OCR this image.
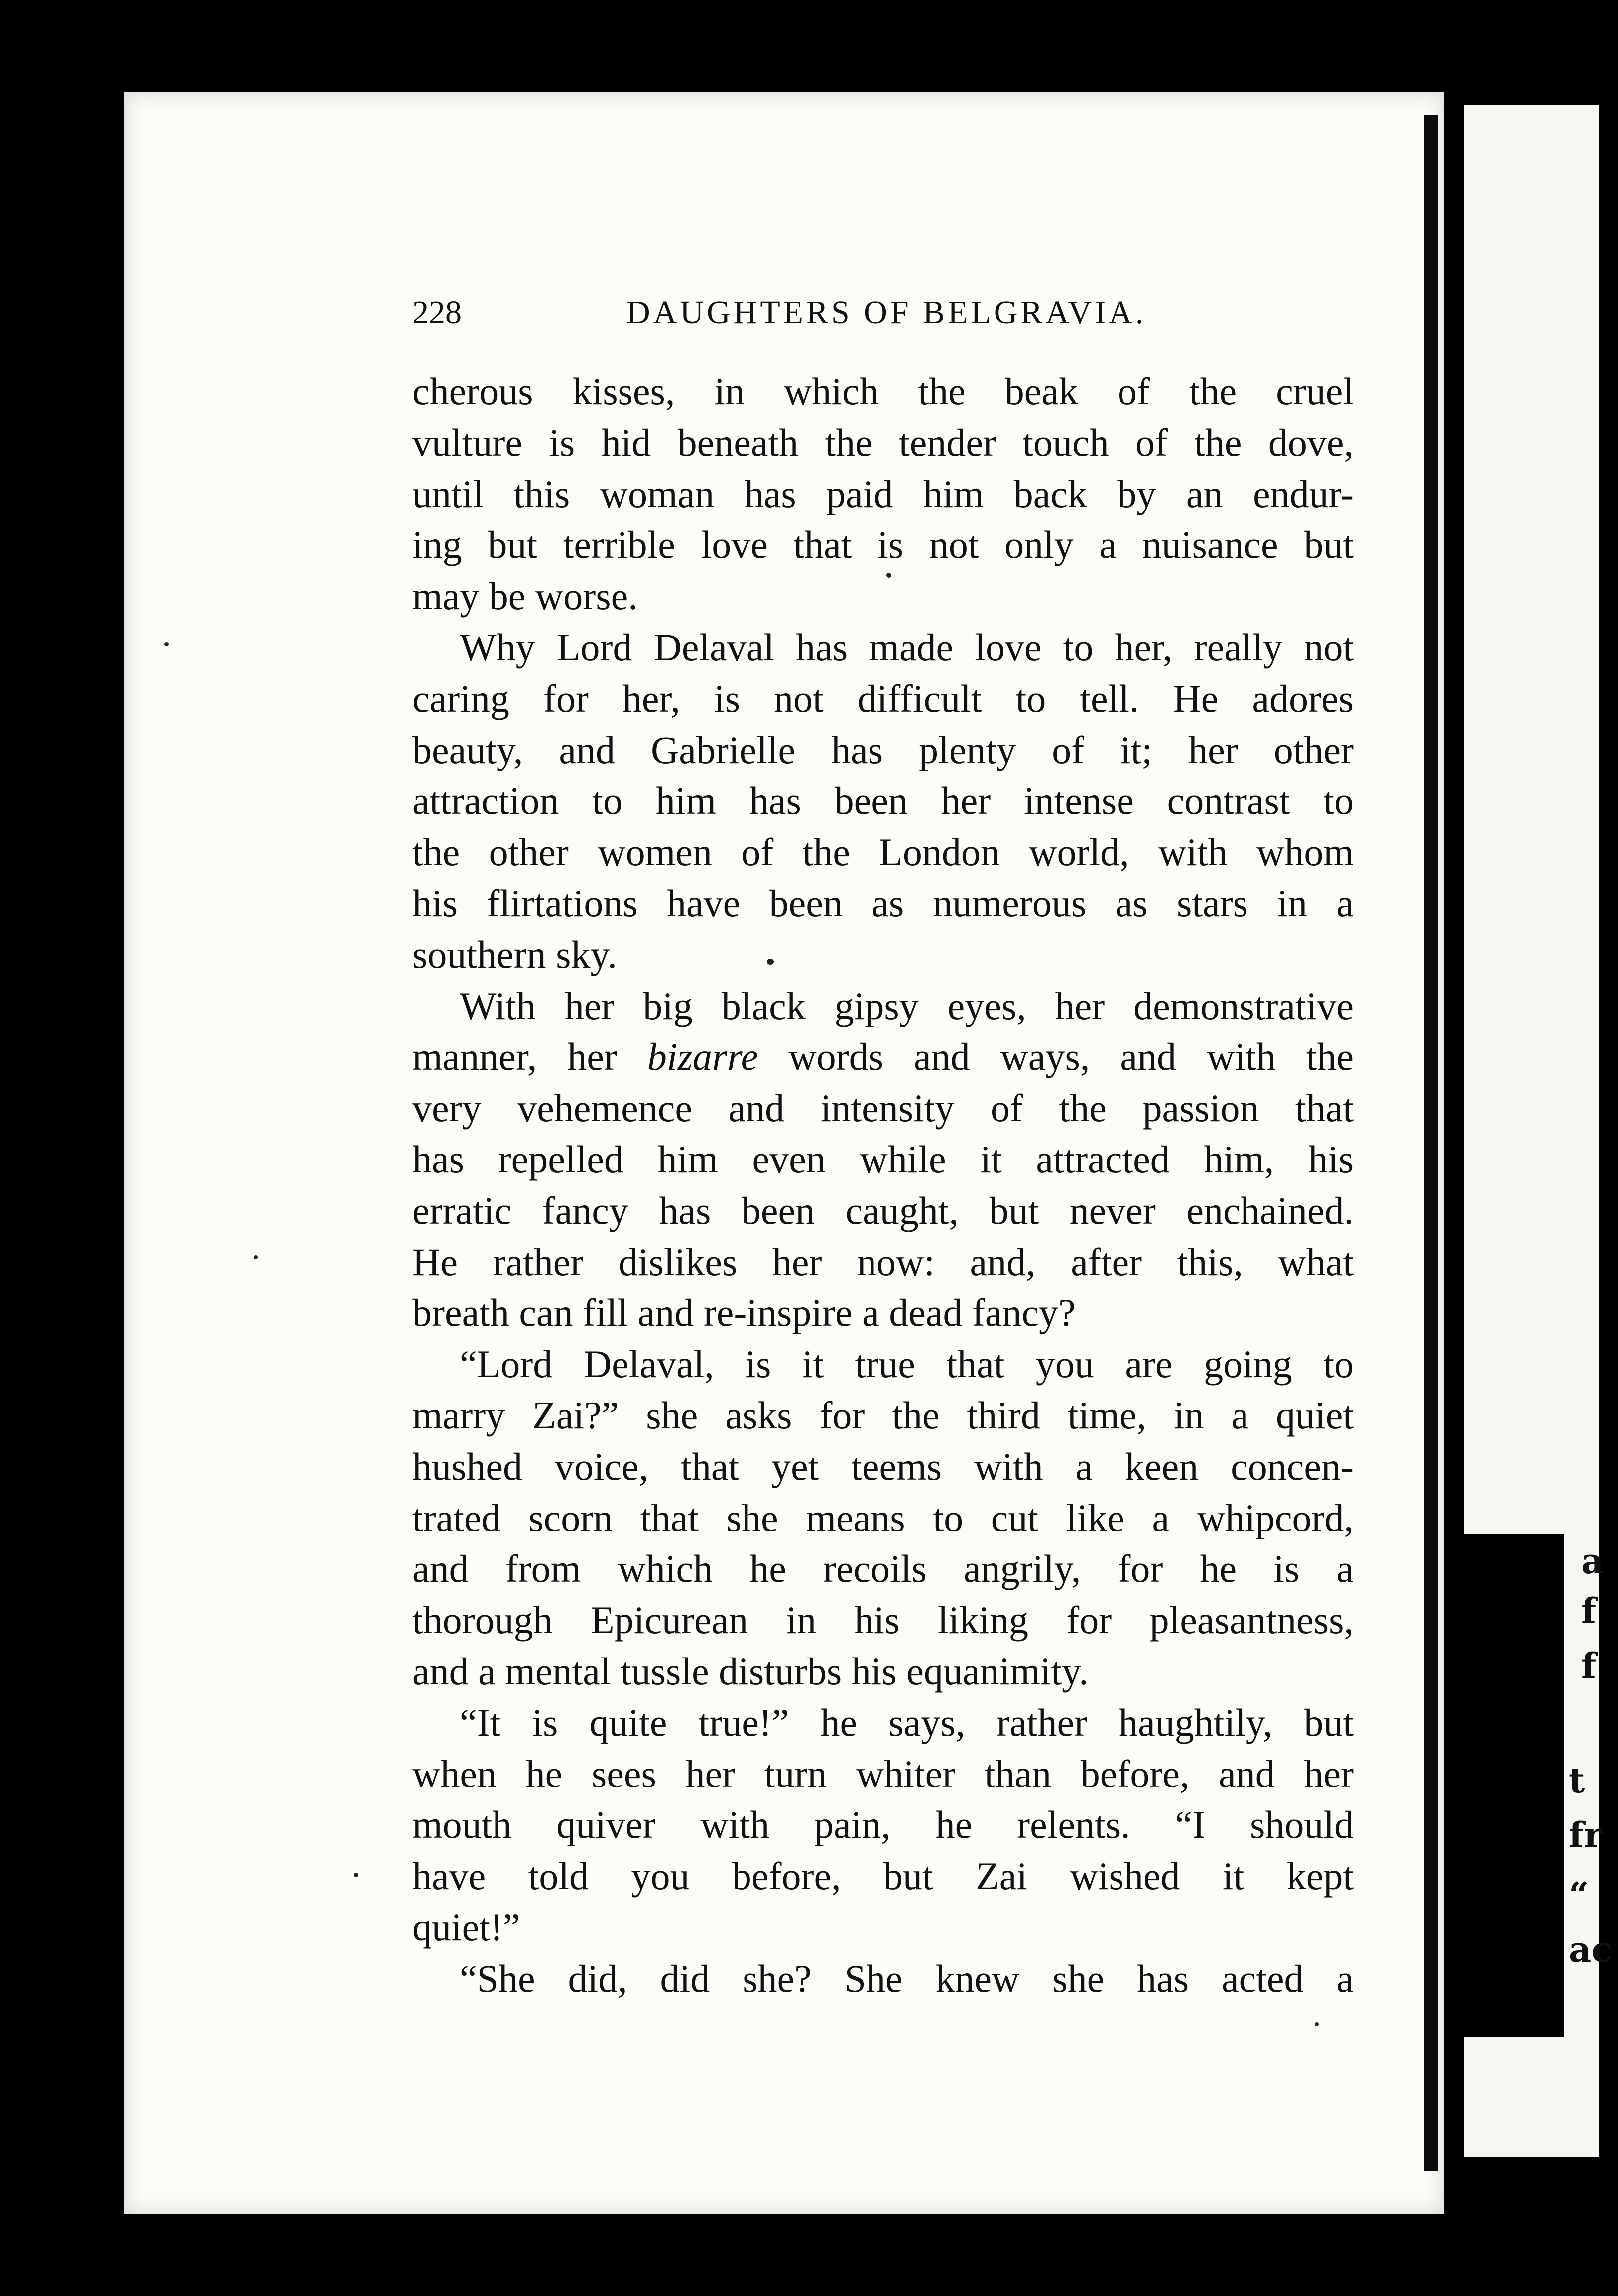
a
f
f
t
fr
“
ac
228	DAUGHTERS OF BELGRAVIA.
cherous kisses, in which the beak of the cruel
vulture is hid beneath the tender touch of the dove,
until this woman has paid him back by an endur-
ing but terrible love that is not only a nuisance but
may be worse.
Why Lord Delaval has made love to her, really not
caring for her, is not difficult to tell. He adores
beauty, and Gabrielle has plenty of it; her other
attraction to him has been her intense contrast to
the other women of the London world, with whom
his flirtations have been as numerous as stars in a
southern sky.
With her big black gipsy eyes, her demonstrative
manner, her bizarre words and ways, and with the
very vehemence and intensity of the passion that
has repelled him even while it attracted him, his
erratic fancy has been caught, but never enchained.
He rather dislikes her now: and, after this, what
breath can fill and re-inspire a dead fancy?
“Lord Delaval, is it true that you are going to
marry Zai?” she asks for the third time, in a quiet
hushed voice, that yet teems with a keen concen-
trated scorn that she means to cut like a whipcord,
and from which he recoils angrily, for he is a
thorough Epicurean in his liking for pleasantness,
and a mental tussle disturbs his equanimity.
“It is quite true!” he says, rather haughtily, but
when he sees her turn whiter than before, and her
mouth quiver with pain, he relents. “I should
have told you before, but Zai wished it kept
quiet!”
“She did, did she? She knew she has acted a
